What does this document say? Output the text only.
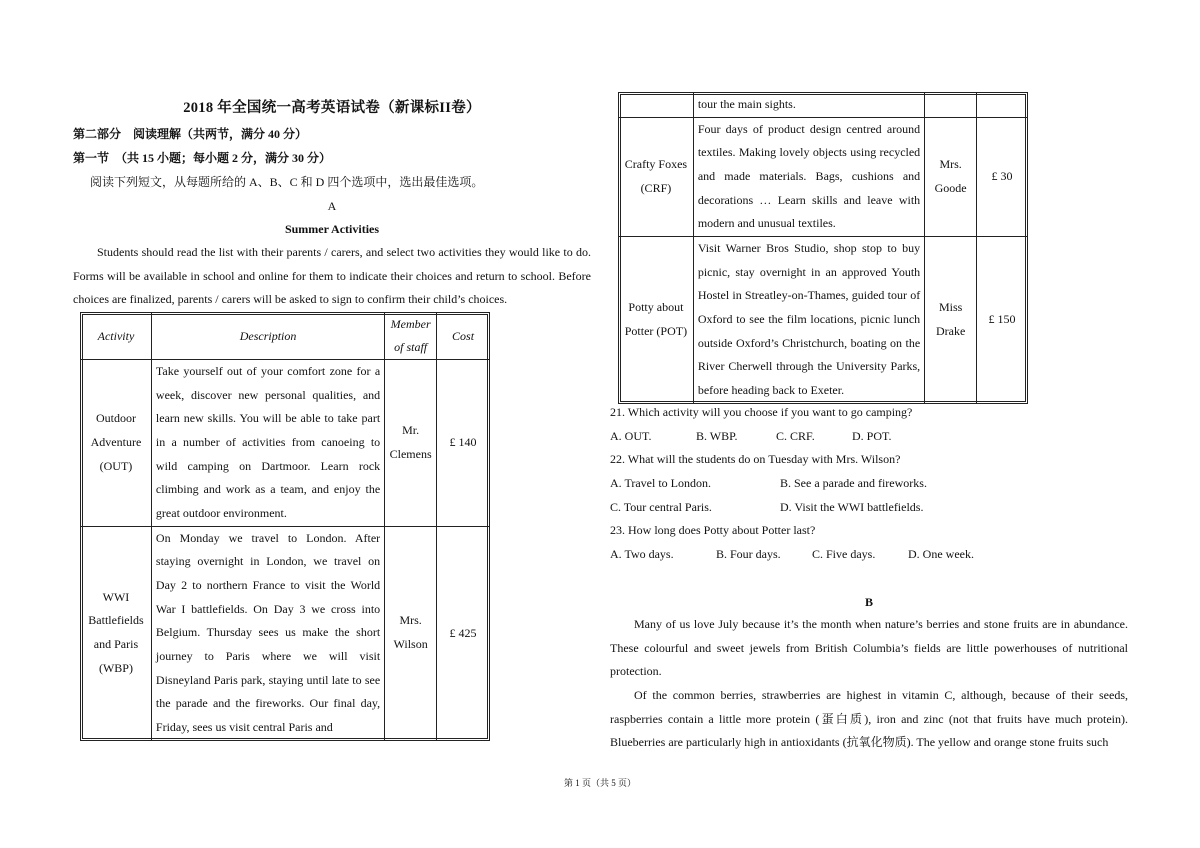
2018 年全国统一高考英语试卷（新课标II卷）
第二部分　阅读理解（共两节，满分 40 分）
第一节　（共 15 小题；每小题 2 分，满分 30 分）
阅读下列短文，从每题所给的 A、B、C 和 D 四个选项中，选出最佳选项。
A
Summer Activities
Students should read the list with their parents / carers, and select two activities they would like to do. Forms will be available in school and online for them to indicate their choices and return to school. Before choices are finalized, parents / carers will be asked to sign to confirm their child’s choices.
Activity	Description	Member of staff	Cost
Outdoor Adventure (OUT)	Take yourself out of your comfort zone for a week, discover new personal qualities, and learn new skills. You will be able to take part in a number of activities from canoeing to wild camping on Dartmoor. Learn rock climbing and work as a team, and enjoy the great outdoor environment.	Mr. Clemens	£ 140
WWI Battlefields and Paris (WBP)	On Monday we travel to London. After staying overnight in London, we travel on Day 2 to northern France to visit the World War I battlefields. On Day 3 we cross into Belgium. Thursday sees us make the short journey to Paris where we will visit Disneyland Paris park, staying until late to see the parade and the fireworks. Our final day, Friday, sees us visit central Paris and	Mrs. Wilson	£ 425
	tour the main sights.		
Crafty Foxes (CRF)	Four days of product design centred around textiles. Making lovely objects using recycled and made materials. Bags, cushions and decorations … Learn skills and leave with modern and unusual textiles.	Mrs. Goode	£ 30
Potty about Potter (POT)	Visit Warner Bros Studio, shop stop to buy picnic, stay overnight in an approved Youth Hostel in Streatley-on-Thames, guided tour of Oxford to see the film locations, picnic lunch outside Oxford’s Christchurch, boating on the River Cherwell through the University Parks, before heading back to Exeter.	Miss Drake	£ 150
21. Which activity will you choose if you want to go camping?
A. OUT.	B. WBP.	C. CRF.	D. POT.
22. What will the students do on Tuesday with Mrs. Wilson?
A. Travel to London.	B. See a parade and fireworks.
C. Tour central Paris.	D. Visit the WWI battlefields.
23. How long does Potty about Potter last?
A. Two days.	B. Four days.	C. Five days.	D. One week.
B
Many of us love July because it’s the month when nature’s berries and stone fruits are in abundance. These colourful and sweet jewels from British Columbia’s fields are little powerhouses of nutritional protection.
Of the common berries, strawberries are highest in vitamin C, although, because of their seeds, raspberries contain a little more protein (蛋白质), iron and zinc (not that fruits have much protein). Blueberries are particularly high in antioxidants (抗氧化物质). The yellow and orange stone fruits such
第 1 页（共 5 页）
